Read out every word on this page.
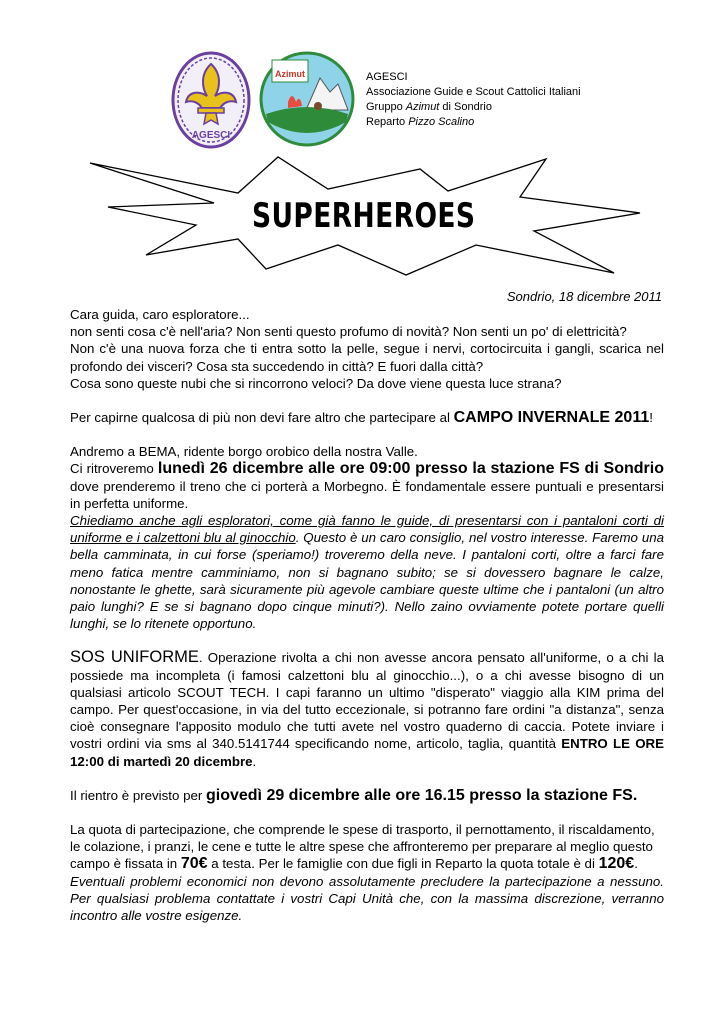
AGESCI
Azimut	AGESCI
Associazione Guide e Scout Cattolici Italiani
Gruppo Azimut di Sondrio
Reparto Pizzo Scalino
SUPERHEROES
Sondrio, 18 dicembre 2011

Cara guida, caro esploratore...

non senti cosa c'è nell'aria? Non senti questo profumo di novità? Non senti un po' di elettricità?

Non c'è una nuova forza che ti entra sotto la pelle, segue i nervi, cortocircuita i gangli, scarica nel profondo dei visceri? Cosa sta succedendo in città? E fuori dalla città?

Cosa sono queste nubi che si rincorrono veloci? Da dove viene questa luce strana?

Per capirne qualcosa di più non devi fare altro che partecipare al CAMPO INVERNALE 2011!

Andremo a BEMA, ridente borgo orobico della nostra Valle.

Ci ritroveremo lunedì 26 dicembre alle ore 09:00 presso la stazione FS di Sondrio dove prenderemo il treno che ci porterà a Morbegno. È fondamentale essere puntuali e presentarsi in perfetta uniforme.

Chiediamo anche agli esploratori, come già fanno le guide, di presentarsi con i pantaloni corti di uniforme e i calzettoni blu al ginocchio. Questo è un caro consiglio, nel vostro interesse. Faremo una bella camminata, in cui forse (speriamo!) troveremo della neve. I pantaloni corti, oltre a farci fare meno fatica mentre camminiamo, non si bagnano subito; se si dovessero bagnare le calze, nonostante le ghette, sarà sicuramente più agevole cambiare queste ultime che i pantaloni (un altro paio lunghi? E se si bagnano dopo cinque minuti?). Nello zaino ovviamente potete portare quelli lunghi, se lo ritenete opportuno.

SOS UNIFORME. Operazione rivolta a chi non avesse ancora pensato all'uniforme, o a chi la possiede ma incompleta (i famosi calzettoni blu al ginocchio...), o a chi avesse bisogno di un qualsiasi articolo SCOUT TECH. I capi faranno un ultimo "disperato" viaggio alla KIM prima del campo. Per quest'occasione, in via del tutto eccezionale, si potranno fare ordini "a distanza", senza cioè consegnare l'apposito modulo che tutti avete nel vostro quaderno di caccia. Potete inviare i vostri ordini via sms al 340.5141744 specificando nome, articolo, taglia, quantità ENTRO LE ORE 12:00 di martedì 20 dicembre.

Il rientro è previsto per giovedì 29 dicembre alle ore 16.15 presso la stazione FS.

La quota di partecipazione, che comprende le spese di trasporto, il pernottamento, il riscaldamento, le colazione, i pranzi, le cene e tutte le altre spese che affronteremo per preparare al meglio questo campo è fissata in 70€ a testa. Per le famiglie con due figli in Reparto la quota totale è di 120€.

Eventuali problemi economici non devono assolutamente precludere la partecipazione a nessuno. Per qualsiasi problema contattate i vostri Capi Unità che, con la massima discrezione, verranno incontro alle vostre esigenze.
